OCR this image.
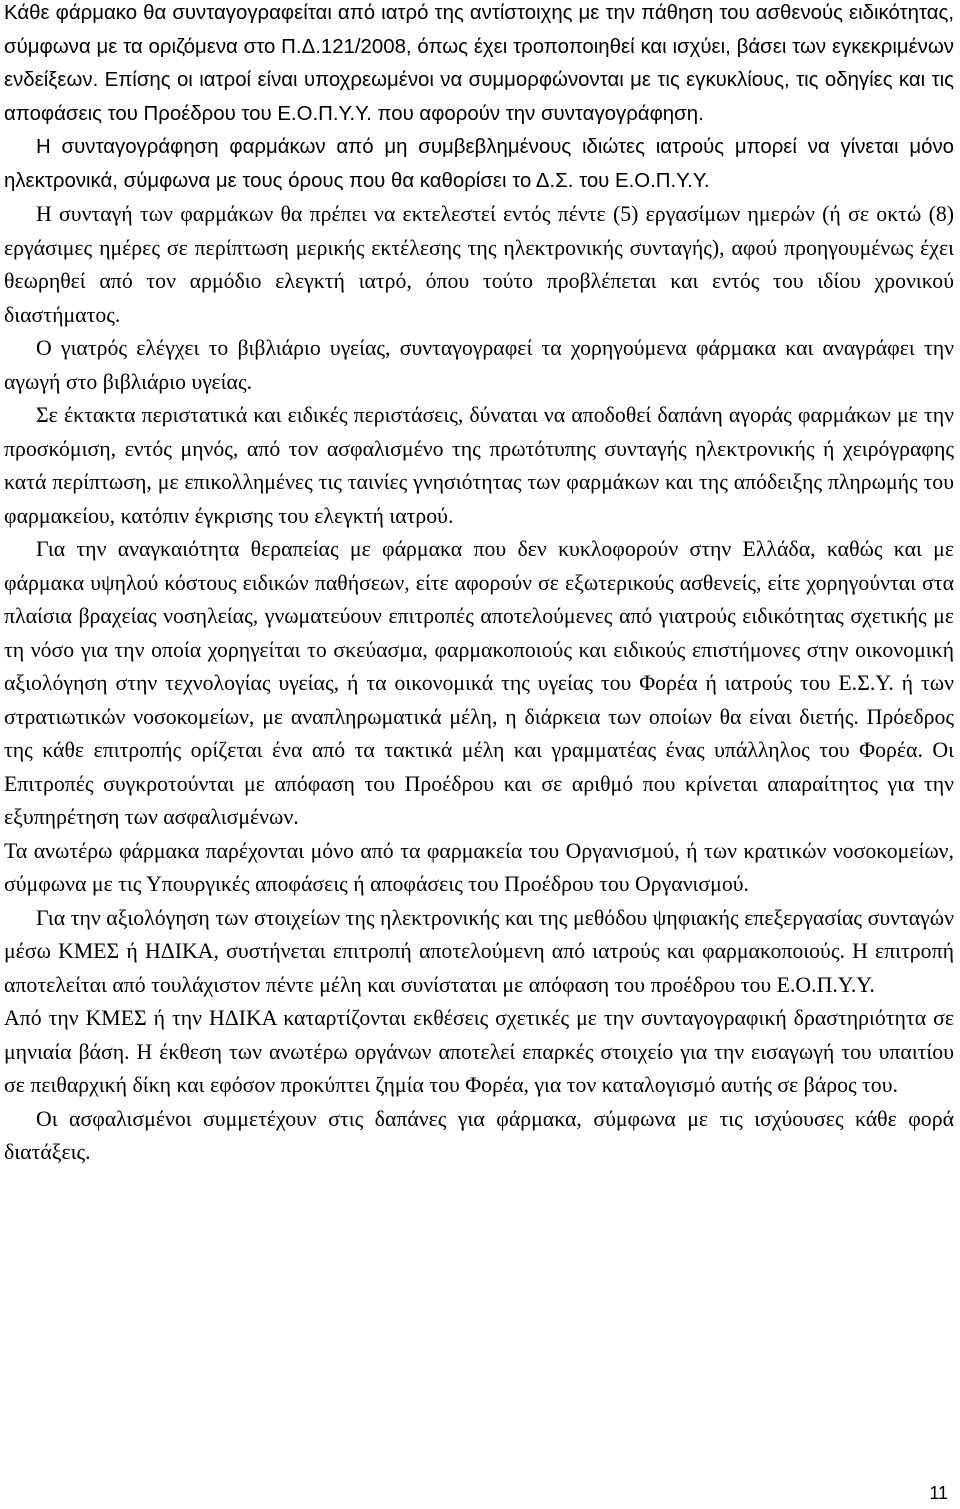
Κάθε φάρμακο θα συνταγογραφείται από ιατρό της αντίστοιχης με την πάθηση του ασθενούς ειδικότητας, σύμφωνα με τα οριζόμενα στο Π.Δ.121/2008, όπως έχει τροποποιηθεί και ισχύει, βάσει των εγκεκριμένων ενδείξεων. Επίσης οι ιατροί είναι υποχρεωμένοι να συμμορφώνονται με τις εγκυκλίους, τις οδηγίες και τις αποφάσεις του Προέδρου του Ε.Ο.Π.Υ.Υ. που αφορούν την συνταγογράφηση.

Η συνταγογράφηση φαρμάκων από μη συμβεβλημένους ιδιώτες ιατρούς μπορεί να γίνεται μόνο ηλεκτρονικά, σύμφωνα με τους όρους που θα καθορίσει το Δ.Σ. του Ε.Ο.Π.Υ.Υ.

Η συνταγή των φαρμάκων θα πρέπει να εκτελεστεί εντός πέντε (5) εργασίμων ημερών (ή σε οκτώ (8) εργάσιμες ημέρες σε περίπτωση μερικής εκτέλεσης της ηλεκτρονικής συνταγής), αφού προηγουμένως έχει θεωρηθεί από τον αρμόδιο ελεγκτή ιατρό, όπου τούτο προβλέπεται και εντός του ιδίου χρονικού διαστήματος.

Ο γιατρός ελέγχει το βιβλιάριο υγείας, συνταγογραφεί τα χορηγούμενα φάρμακα και αναγράφει την αγωγή στο βιβλιάριο υγείας.

Σε έκτακτα περιστατικά και ειδικές περιστάσεις, δύναται να αποδοθεί δαπάνη αγοράς φαρμάκων με την προσκόμιση, εντός μηνός, από τον ασφαλισμένο της πρωτότυπης συνταγής ηλεκτρονικής ή χειρόγραφης κατά περίπτωση, με επικολλημένες τις ταινίες γνησιότητας των φαρμάκων και της απόδειξης πληρωμής του φαρμακείου, κατόπιν έγκρισης του ελεγκτή ιατρού.

Για την αναγκαιότητα θεραπείας με φάρμακα που δεν κυκλοφορούν στην Ελλάδα, καθώς και με φάρμακα υψηλού κόστους ειδικών παθήσεων, είτε αφορούν σε εξωτερικούς ασθενείς, είτε χορηγούνται στα πλαίσια βραχείας νοσηλείας, γνωματεύουν επιτροπές αποτελούμενες από γιατρούς ειδικότητας σχετικής με τη νόσο για την οποία χορηγείται το σκεύασμα, φαρμακοποιούς και ειδικούς επιστήμονες στην οικονομική αξιολόγηση στην τεχνολογίας υγείας, ή τα οικονομικά της υγείας του Φορέα ή ιατρούς του Ε.Σ.Υ. ή των στρατιωτικών νοσοκομείων, με αναπληρωματικά μέλη, η διάρκεια των οποίων θα είναι διετής. Πρόεδρος της κάθε επιτροπής ορίζεται ένα από τα τακτικά μέλη και γραμματέας ένας υπάλληλος του Φορέα. Οι Επιτροπές συγκροτούνται με απόφαση του Προέδρου και σε αριθμό που κρίνεται απαραίτητος για την εξυπηρέτηση των ασφαλισμένων.

Τα ανωτέρω φάρμακα παρέχονται μόνο από τα φαρμακεία του Οργανισμού, ή των κρατικών νοσοκομείων, σύμφωνα με τις Υπουργικές αποφάσεις ή αποφάσεις του Προέδρου του Οργανισμού.

Για την αξιολόγηση των στοιχείων της ηλεκτρονικής και της μεθόδου ψηφιακής επεξεργασίας συνταγών μέσω ΚΜΕΣ ή ΗΔΙΚΑ, συστήνεται επιτροπή αποτελούμενη από ιατρούς και φαρμακοποιούς. Η επιτροπή αποτελείται από τουλάχιστον πέντε μέλη και συνίσταται με απόφαση του προέδρου του Ε.Ο.Π.Υ.Υ.

Από την ΚΜΕΣ ή την ΗΔΙΚΑ καταρτίζονται εκθέσεις σχετικές με την συνταγογραφική δραστηριότητα σε μηνιαία βάση. Η έκθεση των ανωτέρω οργάνων αποτελεί επαρκές στοιχείο για την εισαγωγή του υπαιτίου σε πειθαρχική δίκη και εφόσον προκύπτει ζημία του Φορέα, για τον καταλογισμό αυτής σε βάρος του.

Οι ασφαλισμένοι συμμετέχουν στις δαπάνες για φάρμακα, σύμφωνα με τις ισχύουσες κάθε φορά διατάξεις.

11
